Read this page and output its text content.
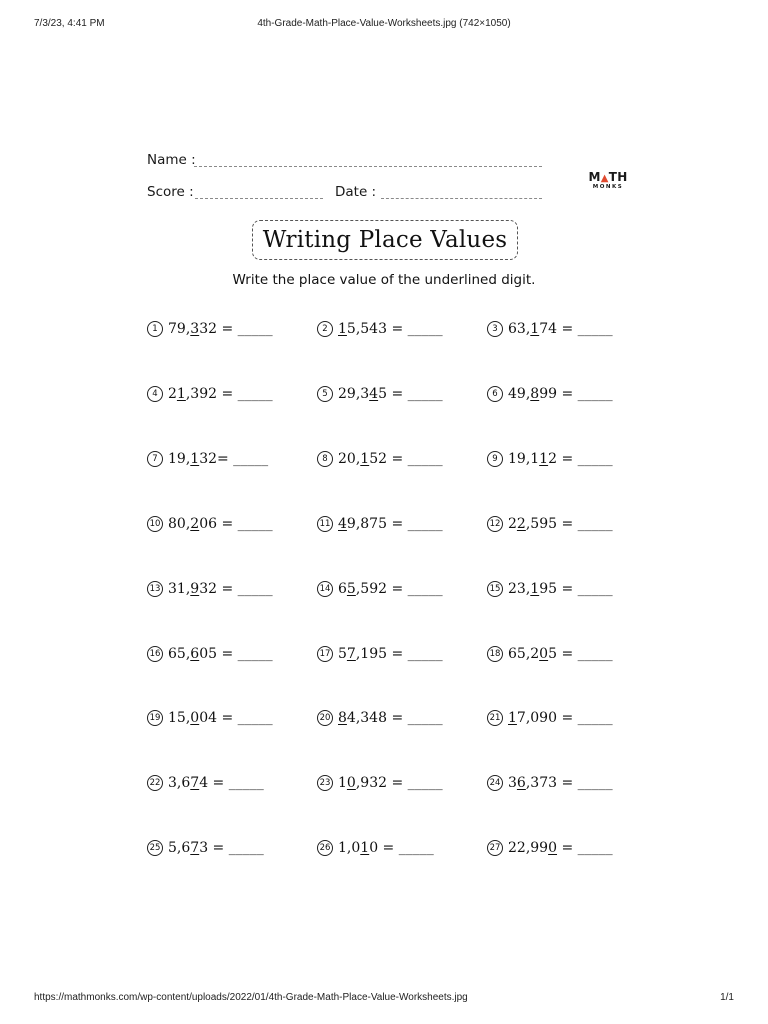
7/3/23, 4:41 PM	4th-Grade-Math-Place-Value-Worksheets.jpg (742×1050)
Name :
Score :	Date :
M▲TH
MONKS
Writing Place Values
Write the place value of the underlined digit.
1 79,332 = _____	2 15,543 = _____	3 63,174 = _____
4 21,392 = _____	5 29,345 = _____	6 49,899 = _____
7 19,132= _____	8 20,152 = _____	9 19,112 = _____
10 80,206 = _____	11 49,875 = _____	12 22,595 = _____
13 31,932 = _____	14 65,592 = _____	15 23,195 = _____
16 65,605 = _____	17 57,195 = _____	18 65,205 = _____
19 15,004 = _____	20 84,348 = _____	21 17,090 = _____
22 3,674 = _____	23 10,932 = _____	24 36,373 = _____
25 5,673 = _____	26 1,010 = _____	27 22,990 = _____
https://mathmonks.com/wp-content/uploads/2022/01/4th-Grade-Math-Place-Value-Worksheets.jpg	1/1
